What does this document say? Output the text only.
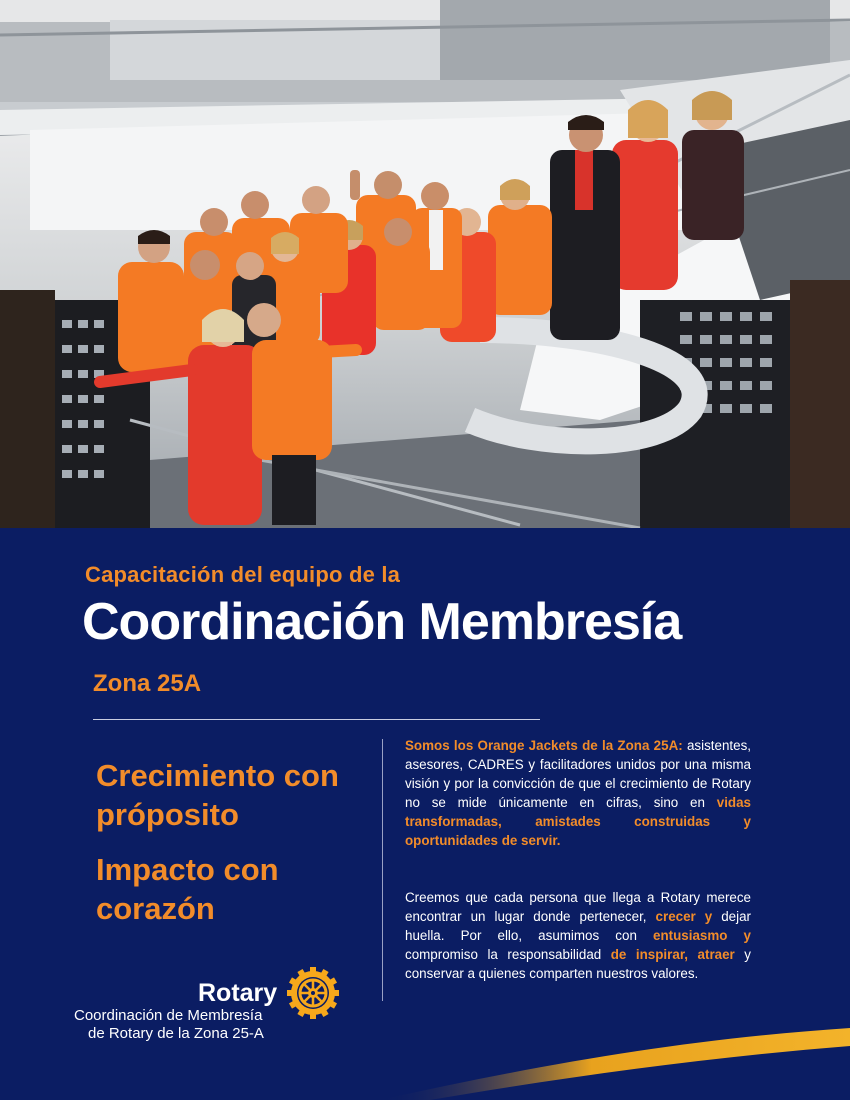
Capacitación del equipo de la
Coordinación Membresía
Zona 25A
Crecimiento con próposito
Impacto con corazón
Somos los Orange Jackets de la Zona 25A: asistentes, asesores, CADRES y facilitadores unidos por una misma visión y por la convicción de que el crecimiento de Rotary no se mide únicamente en cifras, sino en vidas transformadas, amistades construidas y oportunidades de servir.
Creemos que cada persona que llega a Rotary merece encontrar un lugar donde pertenecer, crecer y dejar huella. Por ello, asumimos con entusiasmo y compromiso la responsabilidad de inspirar, atraer y conservar a quienes comparten nuestros valores.
Rotary
Coordinación de Membresía
de Rotary de la Zona 25-A
